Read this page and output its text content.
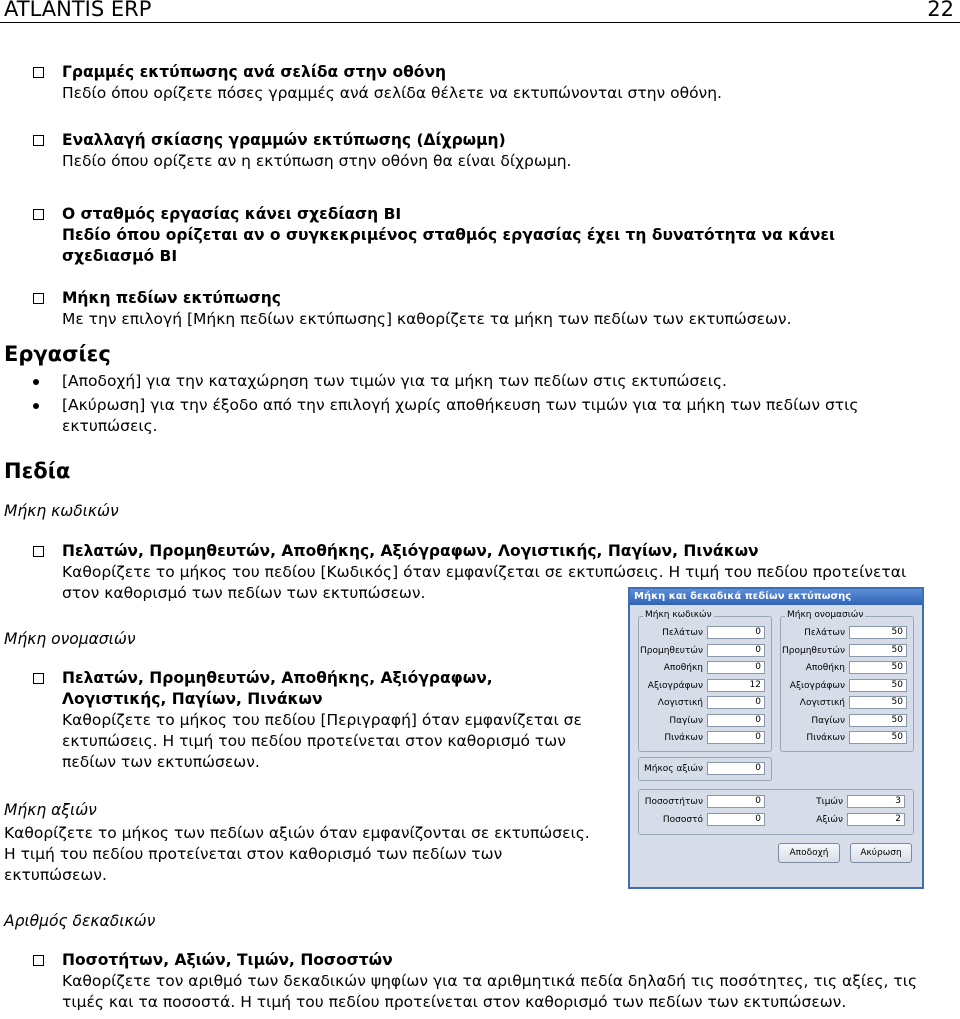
ATLANTIS ERP	22
Γραμμές εκτύπωσης ανά σελίδα στην οθόνη
Πεδίο όπου ορίζετε πόσες γραμμές ανά σελίδα θέλετε να εκτυπώνονται στην οθόνη.
Εναλλαγή σκίασης γραμμών εκτύπωσης (Δίχρωμη)
Πεδίο όπου ορίζετε αν η εκτύπωση στην οθόνη θα είναι δίχρωμη.
Ο σταθμός εργασίας κάνει σχεδίαση BI
Πεδίο όπου ορίζεται αν ο συγκεκριμένος σταθμός εργασίας έχει τη δυνατότητα να κάνει
σχεδιασμό BI
Μήκη πεδίων εκτύπωσης
Με την επιλογή [Μήκη πεδίων εκτύπωσης] καθορίζετε τα μήκη των πεδίων των εκτυπώσεων.
Εργασίες
[Αποδοχή] για την καταχώρηση των τιμών για τα μήκη των πεδίων στις εκτυπώσεις.
[Ακύρωση] για την έξοδο από την επιλογή χωρίς αποθήκευση των τιμών για τα μήκη των πεδίων στις
εκτυπώσεις.
Πεδία
Μήκη κωδικών
Πελατών, Προμηθευτών, Αποθήκης, Αξιόγραφων, Λογιστικής, Παγίων, Πινάκων
Καθορίζετε το μήκος του πεδίου [Κωδικός] όταν εμφανίζεται σε εκτυπώσεις. Η τιμή του πεδίου προτείνεται
στον καθορισμό των πεδίων των εκτυπώσεων.
Μήκη ονομασιών
Πελατών, Προμηθευτών, Αποθήκης, Αξιόγραφων,
Λογιστικής, Παγίων, Πινάκων
Καθορίζετε το μήκος του πεδίου [Περιγραφή] όταν εμφανίζεται σε
εκτυπώσεις. Η τιμή του πεδίου προτείνεται στον καθορισμό των
πεδίων των εκτυπώσεων.
Μήκη αξιών
Καθορίζετε το μήκος των πεδίων αξιών όταν εμφανίζονται σε εκτυπώσεις.
Η τιμή του πεδίου προτείνεται στον καθορισμό των πεδίων των
εκτυπώσεων.
Αριθμός δεκαδικών
Ποσοτήτων, Αξιών, Τιμών, Ποσοστών
Καθορίζετε τον αριθμό των δεκαδικών ψηφίων για τα αριθμητικά πεδία δηλαδή τις ποσότητες, τις αξίες, τις
τιμές και τα ποσοστά. Η τιμή του πεδίου προτείνεται στον καθορισμό των πεδίων των εκτυπώσεων.
Μήκη και δεκαδικά πεδίων εκτύπωσης
Μήκη κωδικών
Πελάτων	0
Προμηθευτών	0
Αποθήκη	0
Αξιογράφων	12
Λογιστική	0
Παγίων	0
Πινάκων	0
Μήκη ονομασιών
Πελάτων	50
Προμηθευτών	50
Αποθήκη	50
Αξιογράφων	50
Λογιστική	50
Παγίων	50
Πινάκων	50
Μήκος αξιών	0
Ποσοστήτων	0
Ποσοστό	0
Τιμών	3
Αξιών	2
Αποδοχή	Ακύρωση
